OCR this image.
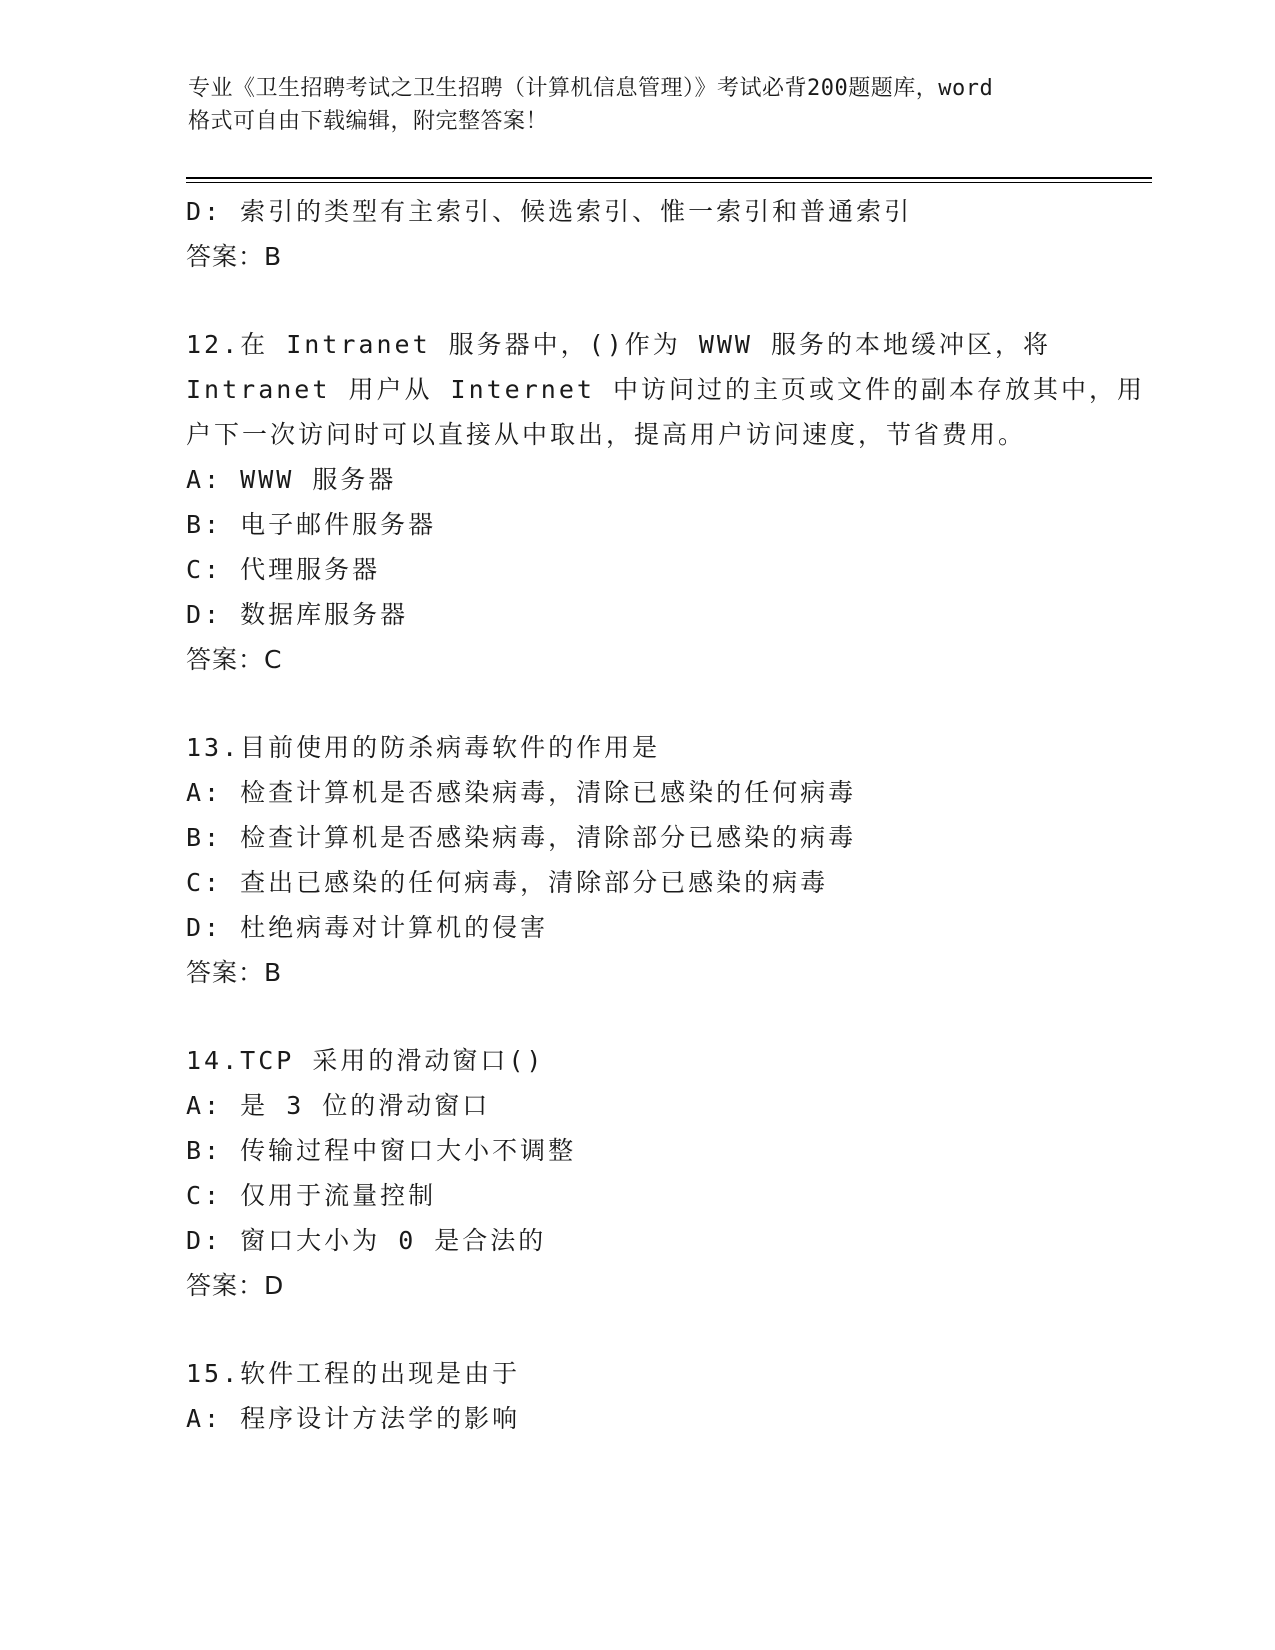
专业《卫生招聘考试之卫生招聘（计算机信息管理）》考试必背200题题库，word
格式可自由下载编辑，附完整答案！
D: 索引的类型有主索引、候选索引、惟一索引和普通索引
答案：B
12.在 Intranet 服务器中，()作为 WWW 服务的本地缓冲区，将
Intranet 用户从 Internet 中访问过的主页或文件的副本存放其中，用
户下一次访问时可以直接从中取出，提高用户访问速度，节省费用。
A: WWW 服务器
B: 电子邮件服务器
C: 代理服务器
D: 数据库服务器
答案：C
13.目前使用的防杀病毒软件的作用是
A: 检查计算机是否感染病毒，清除已感染的任何病毒
B: 检查计算机是否感染病毒，清除部分已感染的病毒
C: 查出已感染的任何病毒，清除部分已感染的病毒
D: 杜绝病毒对计算机的侵害
答案：B
14.TCP 采用的滑动窗口()
A: 是 3 位的滑动窗口
B: 传输过程中窗口大小不调整
C: 仅用于流量控制
D: 窗口大小为 0 是合法的
答案：D
15.软件工程的出现是由于
A: 程序设计方法学的影响
